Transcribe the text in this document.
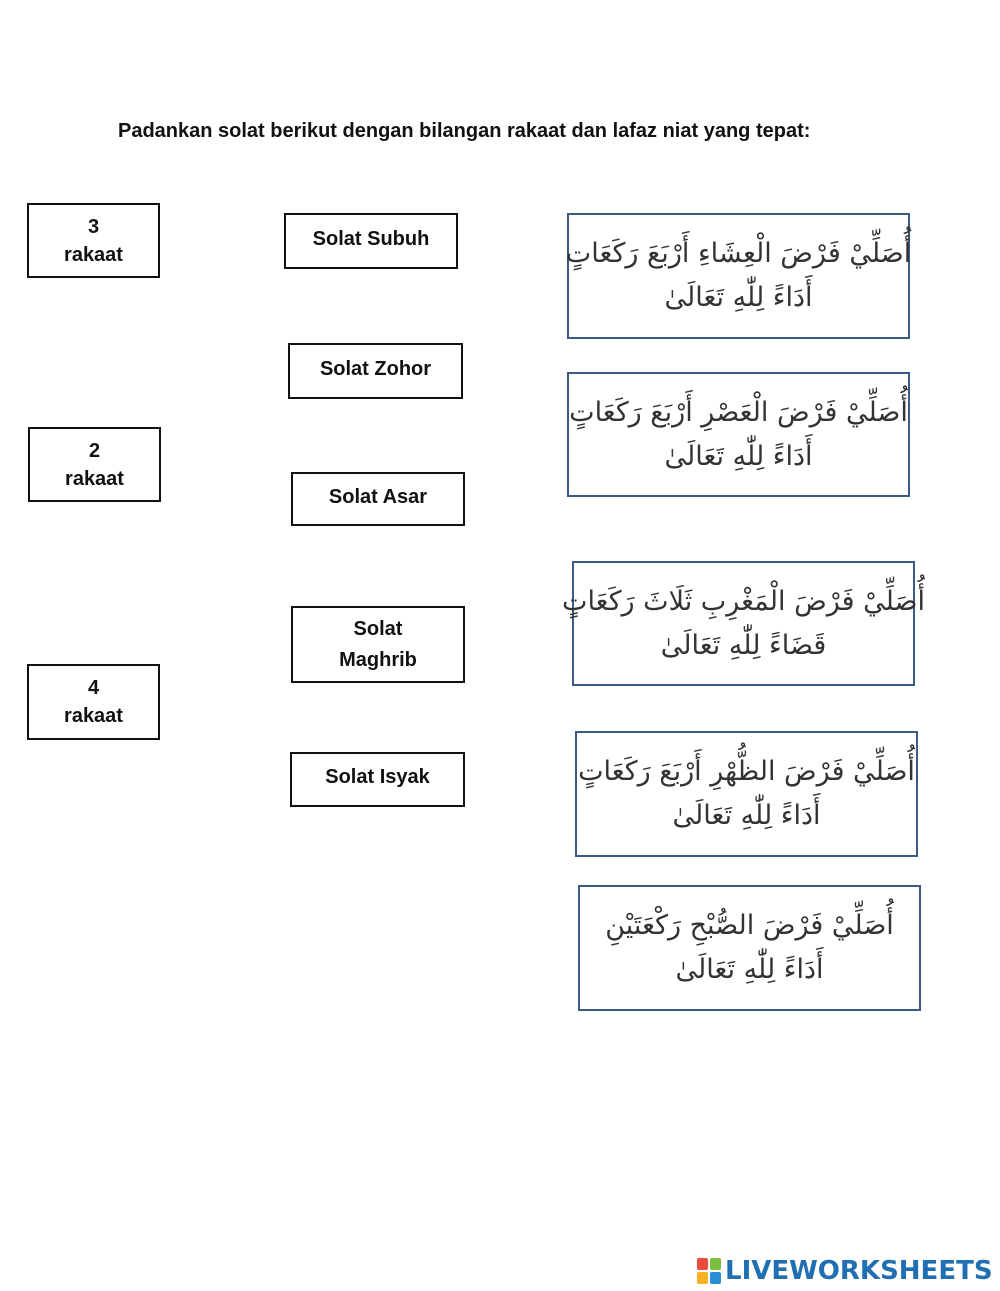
Padankan solat berikut dengan bilangan rakaat dan lafaz niat yang tepat:
3
rakaat
2
rakaat
4
rakaat
Solat Subuh
Solat Zohor
Solat Asar
Solat
Maghrib
Solat Isyak
أُصَلِّيْ فَرْضَ الْعِشَاءِ أَرْبَعَ رَكَعَاتٍ
أَدَاءً لِلّٰهِ تَعَالَىٰ
أُصَلِّيْ فَرْضَ الْعَصْرِ أَرْبَعَ رَكَعَاتٍ
أَدَاءً لِلّٰهِ تَعَالَىٰ
أُصَلِّيْ فَرْضَ الْمَغْرِبِ ثَلَاثَ رَكَعَاتٍ
قَضَاءً لِلّٰهِ تَعَالَىٰ
أُصَلِّيْ فَرْضَ الظُّهْرِ أَرْبَعَ رَكَعَاتٍ
أَدَاءً لِلّٰهِ تَعَالَىٰ
أُصَلِّيْ فَرْضَ الصُّبْحِ رَكْعَتَيْنِ
أَدَاءً لِلّٰهِ تَعَالَىٰ
LIVEWORKSHEETS
